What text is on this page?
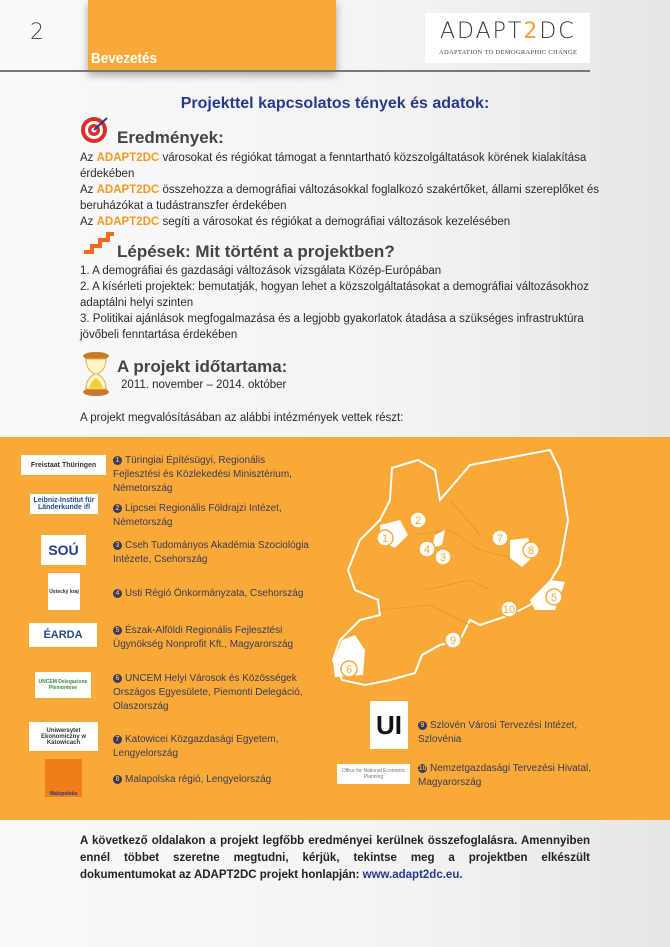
2
Bevezetés
ADAPT2DC
ADAPTATION TO DEMOGRAPHIC CHANGE
Projekttel kapcsolatos tények és adatok:
Eredmények:
Az ADAPT2DC városokat és régiókat támogat a fenntartható közszolgáltatások körének kialakítása érdekében
Az ADAPT2DC összehozza a demográfiai változásokkal foglalkozó szakértőket, állami szereplőket és beruházókat a tudástranszfer érdekében
Az ADAPT2DC segíti a városokat és régiókat a demográfiai változások kezelésében
Lépések: Mit történt a projektben?
1. A demográfiai és gazdasági változások vizsgálata Közép-Európában
2. A kísérleti projektek: bemutatják, hogyan lehet a közszolgáltatásokat a demográfiai változásokhoz adaptálni helyi szinten
3. Politikai ajánlások megfogalmazása és a legjobb gyakorlatok átadása a szükséges infrastruktúra jövőbeli fenntartása érdekében
A projekt időtartama:
2011. november – 2014. október
A projekt megvalósításában az alábbi intézmények vettek részt:
Freistaat Thüringen
1 Türingiai Építésügyi, Regionális Fejlesztési és Közlekedési Minisztérium, Németország
Leibniz-Institut für Länderkunde ifl	2 Lipcsei Regionális Földrajzi Intézet, Németország
SOÚ	3 Cseh Tudományos Akadémia Szociológia Intézete, Csehország
Ústecký kraj	4 Usti Régió Önkormányzata, Csehország
ÉARDA	5 Észak-Alföldi Regionális Fejlesztési Ügynökség Nonprofit Kft., Magyarország
UNCEM Delegazione Piemontese
6 UNCEM Helyi Városok és Közösségek Országos Egyesülete, Piemonti Delegáció, Olaszország
Uniwersytet Ekonomiczny w Katowicach	7 Katowicei Közgazdasági Egyetem, Lengyelország
Malopolska
8 Malapolska régió, Lengyelország
UI	9 Szlovén Városi Tervezési Intézet, Szlovénia
Office for National Economic Planning
10 Nemzetgazdasági Tervezési Hivatal, Magyarország
1
2
3
4
5
6
7
8
9
10
A következő oldalakon a projekt legfőbb eredményei kerülnek összefoglalásra. Amennyiben ennél többet szeretne megtudni, kérjük, tekintse meg a projektben elkészült dokumentumokat az ADAPT2DC projekt honlapján: www.adapt2dc.eu.
